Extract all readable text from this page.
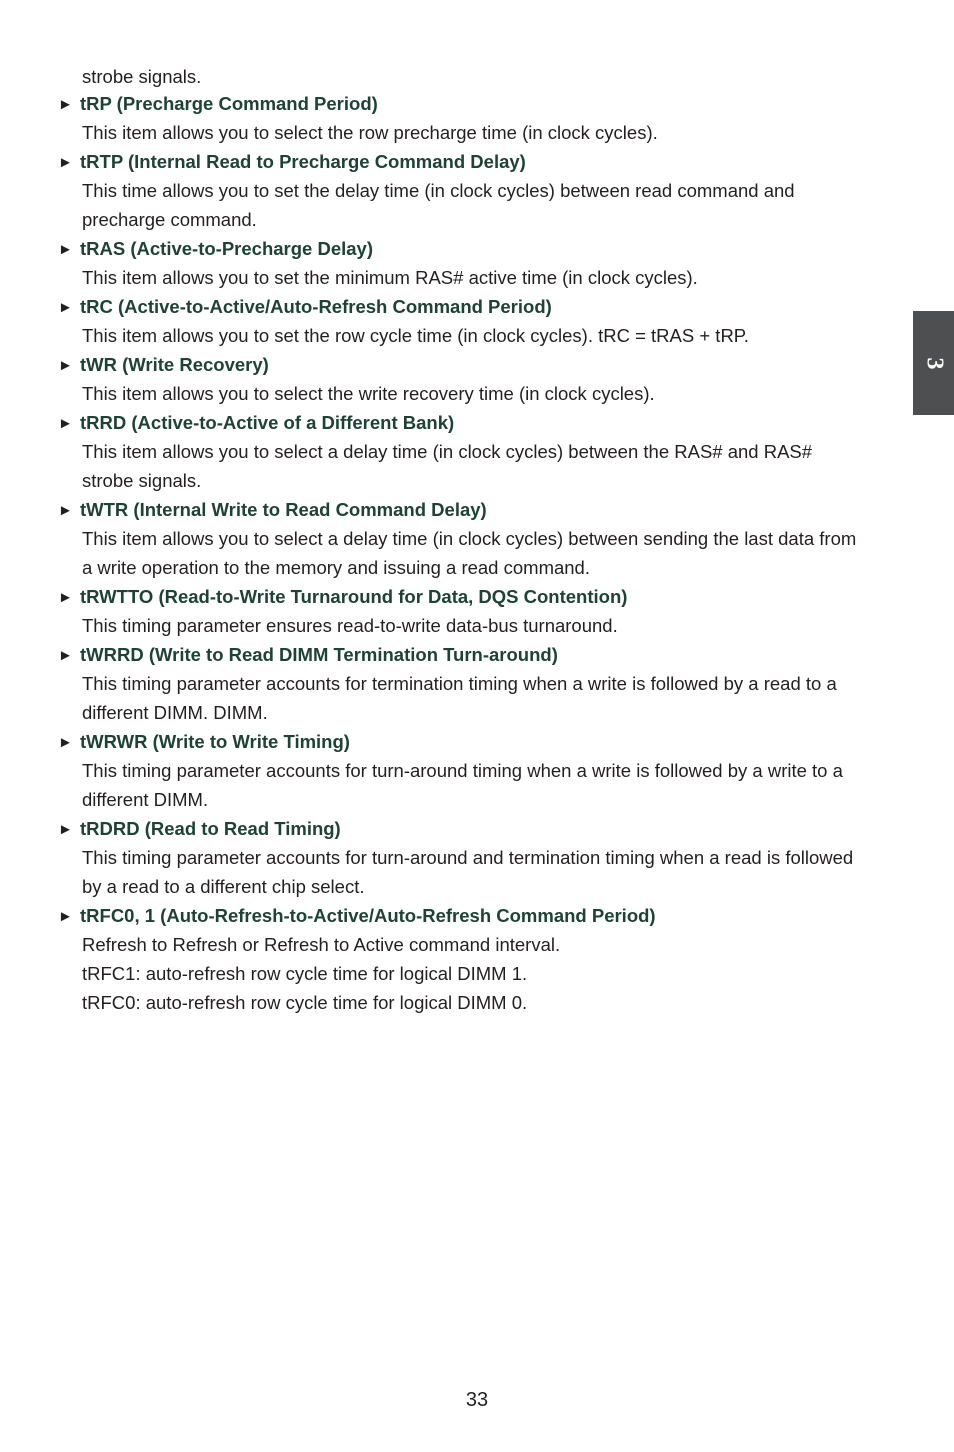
strobe signals.
► tRP (Precharge Command Period)
This item allows you to select the row precharge time (in clock cycles).
► tRTP (Internal Read to Precharge Command Delay)
This time allows you to set the delay time (in clock cycles) between read command and
precharge command.
► tRAS (Active-to-Precharge Delay)
This item allows you to set the minimum RAS# active time (in clock cycles).
► tRC (Active-to-Active/Auto-Refresh Command Period)
This item allows you to set the row cycle time (in clock cycles). tRC = tRAS + tRP.
► tWR (Write Recovery)
This item allows you to select the write recovery time (in clock cycles).
► tRRD (Active-to-Active of a Different Bank)
This item allows you to select a delay time (in clock cycles) between the RAS# and RAS#
strobe signals.
► tWTR (Internal Write to Read Command Delay)
This item allows you to select a delay time (in clock cycles) between sending the last data from
a write operation to the memory and issuing a read command.
► tRWTTO (Read-to-Write Turnaround for Data, DQS Contention)
This timing parameter ensures read-to-write data-bus turnaround.
► tWRRD (Write to Read DIMM Termination Turn-around)
This timing parameter accounts for termination timing when a write is followed by a read to a
different DIMM. DIMM.
► tWRWR (Write to Write Timing)
This timing parameter accounts for turn-around timing when a write is followed by a write to a
different DIMM.
► tRDRD (Read to Read Timing)
This timing parameter accounts for turn-around and termination timing when a read is followed
by a read to a different chip select.
► tRFC0, 1 (Auto-Refresh-to-Active/Auto-Refresh Command Period)
Refresh to Refresh or Refresh to Active command interval.
tRFC1: auto-refresh row cycle time for logical DIMM 1.
tRFC0: auto-refresh row cycle time for logical DIMM 0.
3
33
